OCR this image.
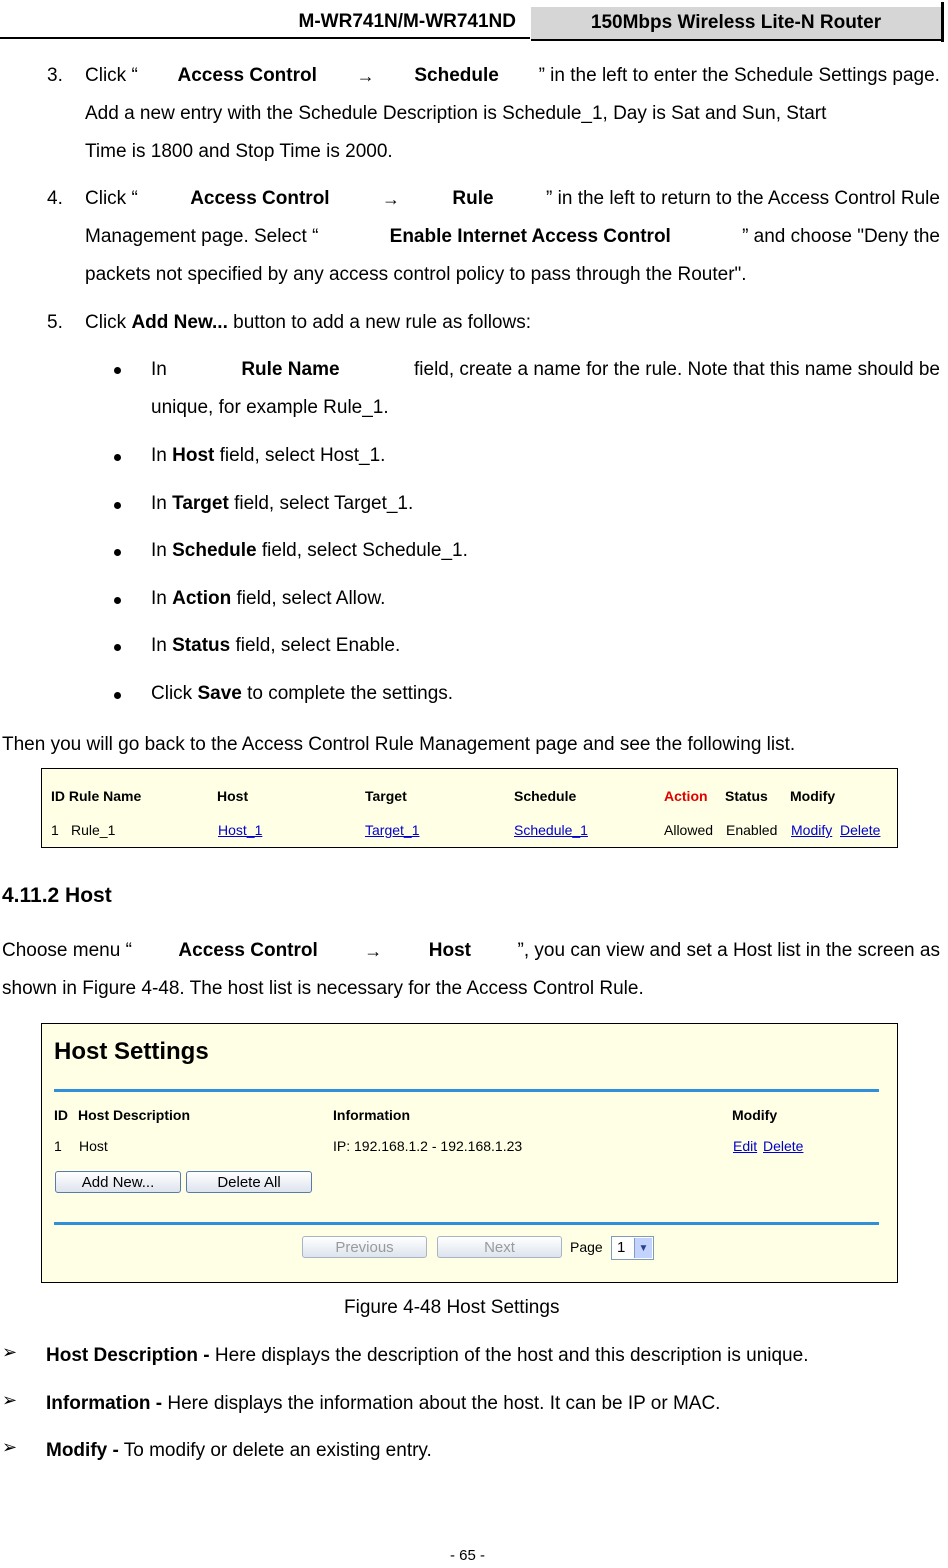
M-WR741N/M-WR741ND	150Mbps Wireless Lite-N Router
3. Click “ Access Control → Schedule ” in the left to enter the Schedule Settings page.
Add a new entry with the Schedule Description is Schedule_1, Day is Sat and Sun, Start
Time is 1800 and Stop Time is 2000.
4. Click “	Access Control	→	Rule	” in the left to return to the Access Control Rule
Management page. Select “	Enable Internet Access Control	” and choose "Deny the
packets not specified by any access control policy to pass through the Router".
5. Click Add New... button to add a new rule as follows:
In	Rule Name	field, create a name for the rule. Note that this name should be
unique, for example Rule_1.
In Host field, select Host_1.
In Target field, select Target_1.
In Schedule field, select Schedule_1.
In Action field, select Allow.
In Status field, select Enable.
Click Save to complete the settings.
Then you will go back to the Access Control Rule Management page and see the following list.
ID Rule Name	Host	Target	Schedule	Action Status Modify
1 Rule_1	Host_1	Target_1	Schedule_1	Allowed Enabled Modify Delete
4.11.2 Host
Choose menu “ Access Control	→ Host ”, you can view and set a Host list in the screen as
shown in Figure 4-48. The host list is necessary for the Access Control Rule.
Host Settings
ID Host Description	Information	Modify
1 Host	IP: 192.168.1.2 - 192.168.1.23	Edit Delete
Add New...	Delete All
Previous	Next	Page 1	▼
Figure 4-48 Host Settings
➢ Host Description - Here displays the description of the host and this description is unique.
➢ Information - Here displays the information about the host. It can be IP or MAC.
➢ Modify - To modify or delete an existing entry.
- 65 -
